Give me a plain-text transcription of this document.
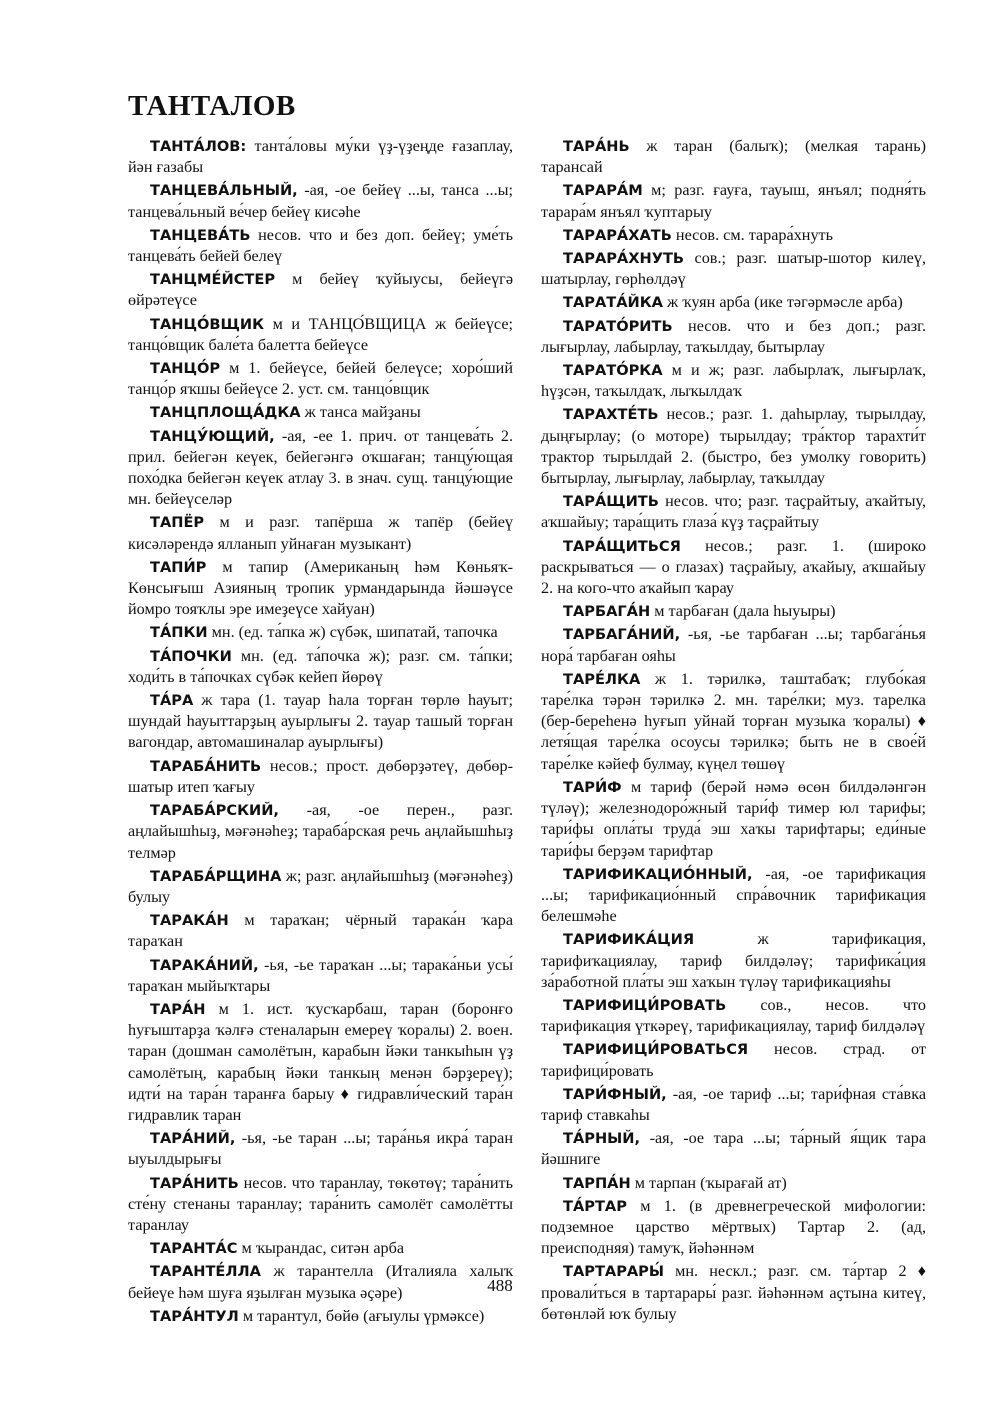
ТАНТАЛОВ

ТАНТА́ЛОВ: танта́ловы му́ки үҙ-үҙеңде ғазаплау, йән ғазабы

ТАНЦЕВА́ЛЬНЫЙ, -ая, -ое бейеү ...ы, танса ...ы; танцева́льный ве́чер бейеү кисәһе

ТАНЦЕВА́ТЬ несов. что и без доп. бейеү; уме́ть танцева́ть бейей белеү

ТАНЦМЕ́ЙСТЕР м бейеү ҡуйыусы, бейеүгә өйрәтеүсе

ТАНЦО́ВЩИК м и ТАНЦО́ВЩИЦА ж бейеүсе; танцо́вщик бале́та балетта бейеүсе

ТАНЦО́Р м 1. бейеүсе, бейей белеүсе; хоро́ший танцо́р яҡшы бейеүсе 2. уст. см. танцо́вщик

ТАНЦПЛОЩА́ДКА ж танса майҙаны

ТАНЦУ́ЮЩИЙ, -ая, -ее 1. прич. от танцева́ть 2. прил. бейегән кеүек, бейегәнгә оҡшаған; танцу́ющая похо́дка бейегән кеүек атлау 3. в знач. сущ. танцу́ющие мн. бейеүселәр

ТАПЁР м и разг. тапёрша ж тапёр (бейеү кисәләрендә ялланып уйнаған музыкант)

ТАПИ́Р м тапир (Американың һәм Көньяҡ-Көнсығыш Азияның тропик урмандарында йәшәүсе йомро тояҡлы эре имеҙеүсе хайуан)

ТА́ПКИ мн. (ед. та́пка ж) сүбәк, шипатай, тапочка

ТА́ПОЧКИ мн. (ед. та́почка ж); разг. см. та́пки; ходи́ть в та́почках сүбәк кейеп йөрөү

ТА́РА ж тара (1. тауар һала торған төрлө һауыт; шундай һауыттарҙың ауырлығы 2. тауар ташый торған вагондар, автомашиналар ауырлығы)

ТАРАБА́НИТЬ несов.; прост. дөбөрҙәтеү, дөбөр-шатыр итеп ҡағыу

ТАРАБА́РСКИЙ, -ая, -ое перен., разг. аңлайышһыҙ, мәғәнәһеҙ; тараба́рская речь аңлайышһыҙ телмәр

ТАРАБА́РЩИНА ж; разг. аңлайышһыҙ (мәғәнәһеҙ) булыу

ТАРАКА́Н м тараҡан; чёрный тарака́н ҡара тараҡан

ТАРАКА́НИЙ, -ья, -ье тараҡан ...ы; тарака́ньи усы́ тараҡан мыйыҡтары

ТАРА́Н м 1. ист. ҡусҡарбаш, таран (боронғо һуғыштарҙа ҡәлғә стеналарын емереү ҡоралы) 2. воен. таран (дошман самолётын, карабын йәки танкыһын үҙ самолётың, карабың йәки танкың менән бәрҙереү); идти́ на тара́н таранға барыу ♦ гидравли́ческий тара́н гидравлик таран

ТАРА́НИЙ, -ья, -ье таран ...ы; тара́нья икра́ таран ыуылдырығы

ТАРА́НИТЬ несов. что таранлау, төкөтөү; тара́нить сте́ну стенаны таранлау; тара́нить самолёт самолётты таранлау

ТАРАНТА́С м ҡырандас, ситән арба

ТАРАНТЕ́ЛЛА ж тарантелла (Италияла халыҡ бейеүе һәм шуға яҙылған музыка әҫәре)

ТАРА́НТУЛ м тарантул, бөйө (ағыулы үрмәксе)

ТАРА́НЬ ж таран (балыҡ); (мелкая тарань) тарансай

ТАРАРА́М м; разг. ғауға, тауыш, янъял; подня́ть тарара́м янъял ҡуптарыу

ТАРАРА́ХАТЬ несов. см. тарара́хнуть

ТАРАРА́ХНУТЬ сов.; разг. шатыр-шотор килеү, шатырлау, гөрһөлдәү

ТАРАТА́ЙКА ж ҡуян арба (ике тәгәрмәсле арба)

ТАРАТО́РИТЬ несов. что и без доп.; разг. лығырлау, лабырлау, таҡылдау, бытырлау

ТАРАТО́РКА м и ж; разг. лабырлаҡ, лығырлаҡ, һүҙсән, таҡылдаҡ, лыҡылдаҡ

ТАРАХТЕ́ТЬ несов.; разг. 1. даһырлау, тырылдау, дыңғырлау; (о моторе) тырылдау; тра́ктор тарахти́т трактор тырылдай 2. (быстро, без умолку говорить) бытырлау, лығырлау, лабырлау, таҡылдау

ТАРА́ЩИТЬ несов. что; разг. таҫрайтыу, аҡайтыу, аҡшайыу; тара́щить глаза́ күҙ таҫрайтыу

ТАРА́ЩИТЬСЯ несов.; разг. 1. (широко раскрываться — о глазах) таҫрайыу, аҡайыу, аҡшайыу 2. на кого-что аҡайып ҡарау

ТАРБАГА́Н м тарбаған (дала һыуыры)

ТАРБАГА́НИЙ, -ья, -ье тарбаған ...ы; тарбага́нья нора́ тарбаған ояһы

ТАРЕ́ЛКА ж 1. тәрилкә, таштабаҡ; глубо́кая таре́лка тәрән тәрилкә 2. мн. таре́лки; муз. тарелка (бер-береһенә һуғып уйнай торған музыка ҡоралы) ♦ летя́щая таре́лка осоусы тәрилкә; быть не в свое́й таре́лке кәйеф булмау, күңел төшөү

ТАРИ́Ф м тариф (берәй нәмә өсөн билдәләнгән түләү); железнодоро́жный тари́ф тимер юл тарифы; тари́фы опла́ты труда́ эш хаҡы тарифтары; еди́ные тари́фы берҙәм тарифтар

ТАРИФИКАЦИО́ННЫЙ, -ая, -ое тарификация ...ы; тарификацио́нный спра́вочник тарификация белешмәһе

ТАРИФИКА́ЦИЯ	ж тарификация, тарифиҡациялау, тариф билдәләү; тарифика́ция за́работной пла́ты эш хаҡын түләү тарификацияһы

ТАРИФИЦИ́РОВАТЬ сов., несов. что тарификация үткәреү, тарификациялау, тариф билдәләү

ТАРИФИЦИ́РОВАТЬСЯ несов. страд. от тарифици́ровать

ТАРИ́ФНЫЙ, -ая, -ое тариф ...ы; тари́фная ста́вка тариф ставкаһы

ТА́РНЫЙ, -ая, -ое тара ...ы; та́рный я́щик тара йәшниге

ТАРПА́Н м тарпан (ҡырағай ат)

ТА́РТАР м 1. (в древнегреческой мифологии: подземное царство мёртвых) Тартар 2. (ад, преисподняя) тамуҡ, йәһәннәм

ТАРТАРАРЫ́ мн. нескл.; разг. см. та́ртар 2 ♦ провали́ться в тартарары́ разг. йәһәннәм аҫтына китеү, бөтөнләй юҡ булыу

488
